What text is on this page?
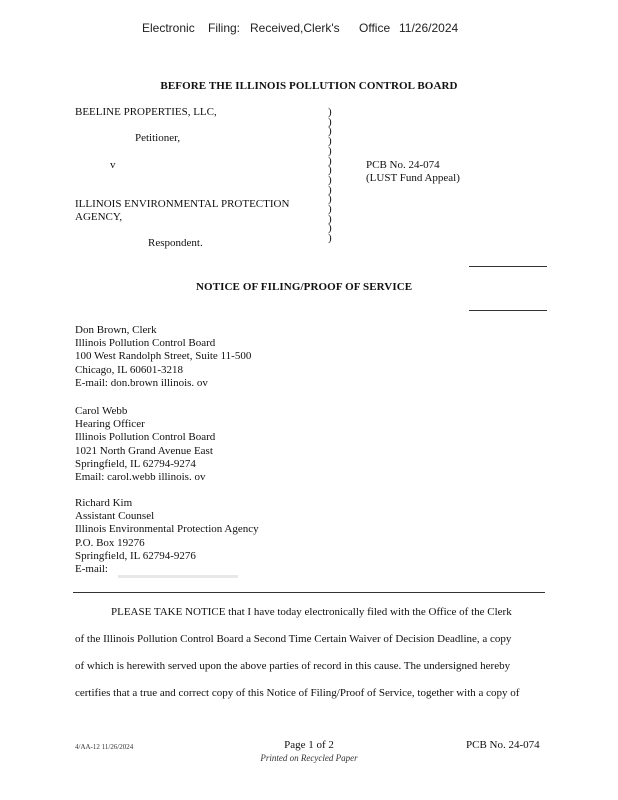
Electronic Filing: Received,Clerk's Office 11/26/2024
BEFORE THE ILLINOIS POLLUTION CONTROL BOARD
BEELINE PROPERTIES, LLC,
Petitioner,
v
ILLINOIS ENVIRONMENTAL PROTECTION
AGENCY,
Respondent.
)
)
)
)
)
)
)
)
)
)
)
)
)
)
PCB No. 24-074
(LUST Fund Appeal)
NOTICE OF FILING/PROOF OF SERVICE
Don Brown, Clerk
Illinois Pollution Control Board
100 West Randolph Street, Suite 11-500
Chicago, IL 60601-3218
E-mail: don.brown illinois. ov
Carol Webb
Hearing Officer
Illinois Pollution Control Board
1021 North Grand Avenue East
Springfield, IL 62794-9274
Email: carol.webb illinois. ov
Richard Kim
Assistant Counsel
Illinois Environmental Protection Agency
P.O. Box 19276
Springfield, IL 62794-9276
E-mail:
PLEASE TAKE NOTICE that I have today electronically filed with the Office of the Clerk
of the Illinois Pollution Control Board a Second Time Certain Waiver of Decision Deadline, a copy
of which is herewith served upon the above parties of record in this cause. The undersigned hereby
certifies that a true and correct copy of this Notice of Filing/Proof of Service, together with a copy of
4/AA-12 11/26/2024	Page 1 of 2
Printed on Recycled Paper
PCB No. 24-074
